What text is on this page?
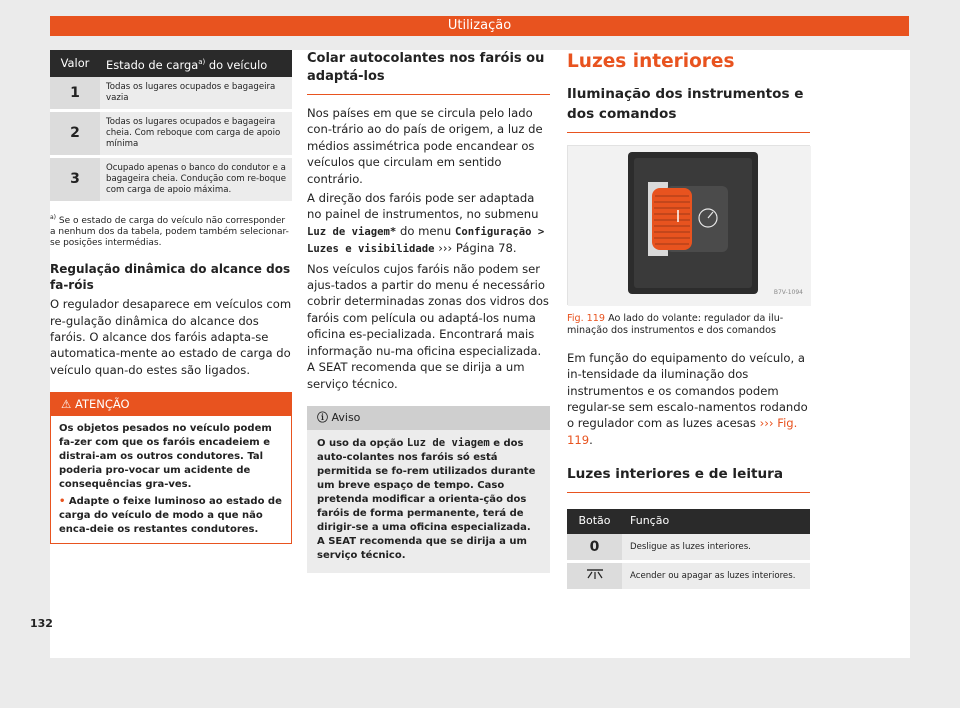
Utilização
Valor	Estado de carga$^{a)}$ do veículo
1	Todas os lugares ocupados e bagageira vazia
2	Todas os lugares ocupados e bagageira cheia. Com reboque com carga de apoio mínima
3	Ocupado apenas o banco do condutor e a bagageira cheia. Condução com re-boque com carga de apoio máxima.
$^{a)}$ Se o estado de carga do veículo não corresponder a nenhum dos da tabela, podem também selecionar-se posições intermédias.
Regulação dinâmica do alcance dos fa-róis

O regulador desaparece em veículos com re-gulação dinâmica do alcance dos faróis. O alcance dos faróis adapta-se automatica-mente ao estado de carga do veículo quan-do estes são ligados.

⚠ ATENÇÃO
Os objetos pesados no veículo podem fa-zer com que os faróis encadeiem e distrai-am os outros condutores. Tal poderia pro-vocar um acidente de consequências gra-ves.
• Adapte o feixe luminoso ao estado de carga do veículo de modo a que não enca-deie os restantes condutores.
Colar autocolantes nos faróis ou adaptá-los

Nos países em que se circula pelo lado con-trário ao do país de origem, a luz de médios assimétrica pode encandear os veículos que circulam em sentido contrário.

A direção dos faróis pode ser adaptada no painel de instrumentos, no submenu Luz de viagem* do menu Configuração > Luzes e visibilidade ››› Página 78.

Nos veículos cujos faróis não podem ser ajus-tados a partir do menu é necessário cobrir determinadas zonas dos vidros dos faróis com película ou adaptá-los numa oficina es-pecializada. Encontrará mais informação nu-ma oficina especializada. A SEAT recomenda que se dirija a um serviço técnico.

ⓘ Aviso
O uso da opção Luz de viagem e dos auto-colantes nos faróis só está permitida se fo-rem utilizados durante um breve espaço de tempo. Caso pretenda modificar a orienta-ção dos faróis de forma permanente, terá de dirigir-se a uma oficina especializada. A SEAT recomenda que se dirija a um serviço técnico.
Luzes interiores
Iluminação dos instrumentos e dos comandos
B7V-1094
Fig. 119 Ao lado do volante: regulador da ilu-minação dos instrumentos e dos comandos

Em função do equipamento do veículo, a in-tensidade da iluminação dos instrumentos e os comandos podem regular-se sem escalo-namentos rodando o regulador com as luzes acesas ››› Fig. 119.

Luzes interiores e de leitura
Botão	Função
0	Desligue as luzes interiores.
	Acender ou apagar as luzes interiores.
132
